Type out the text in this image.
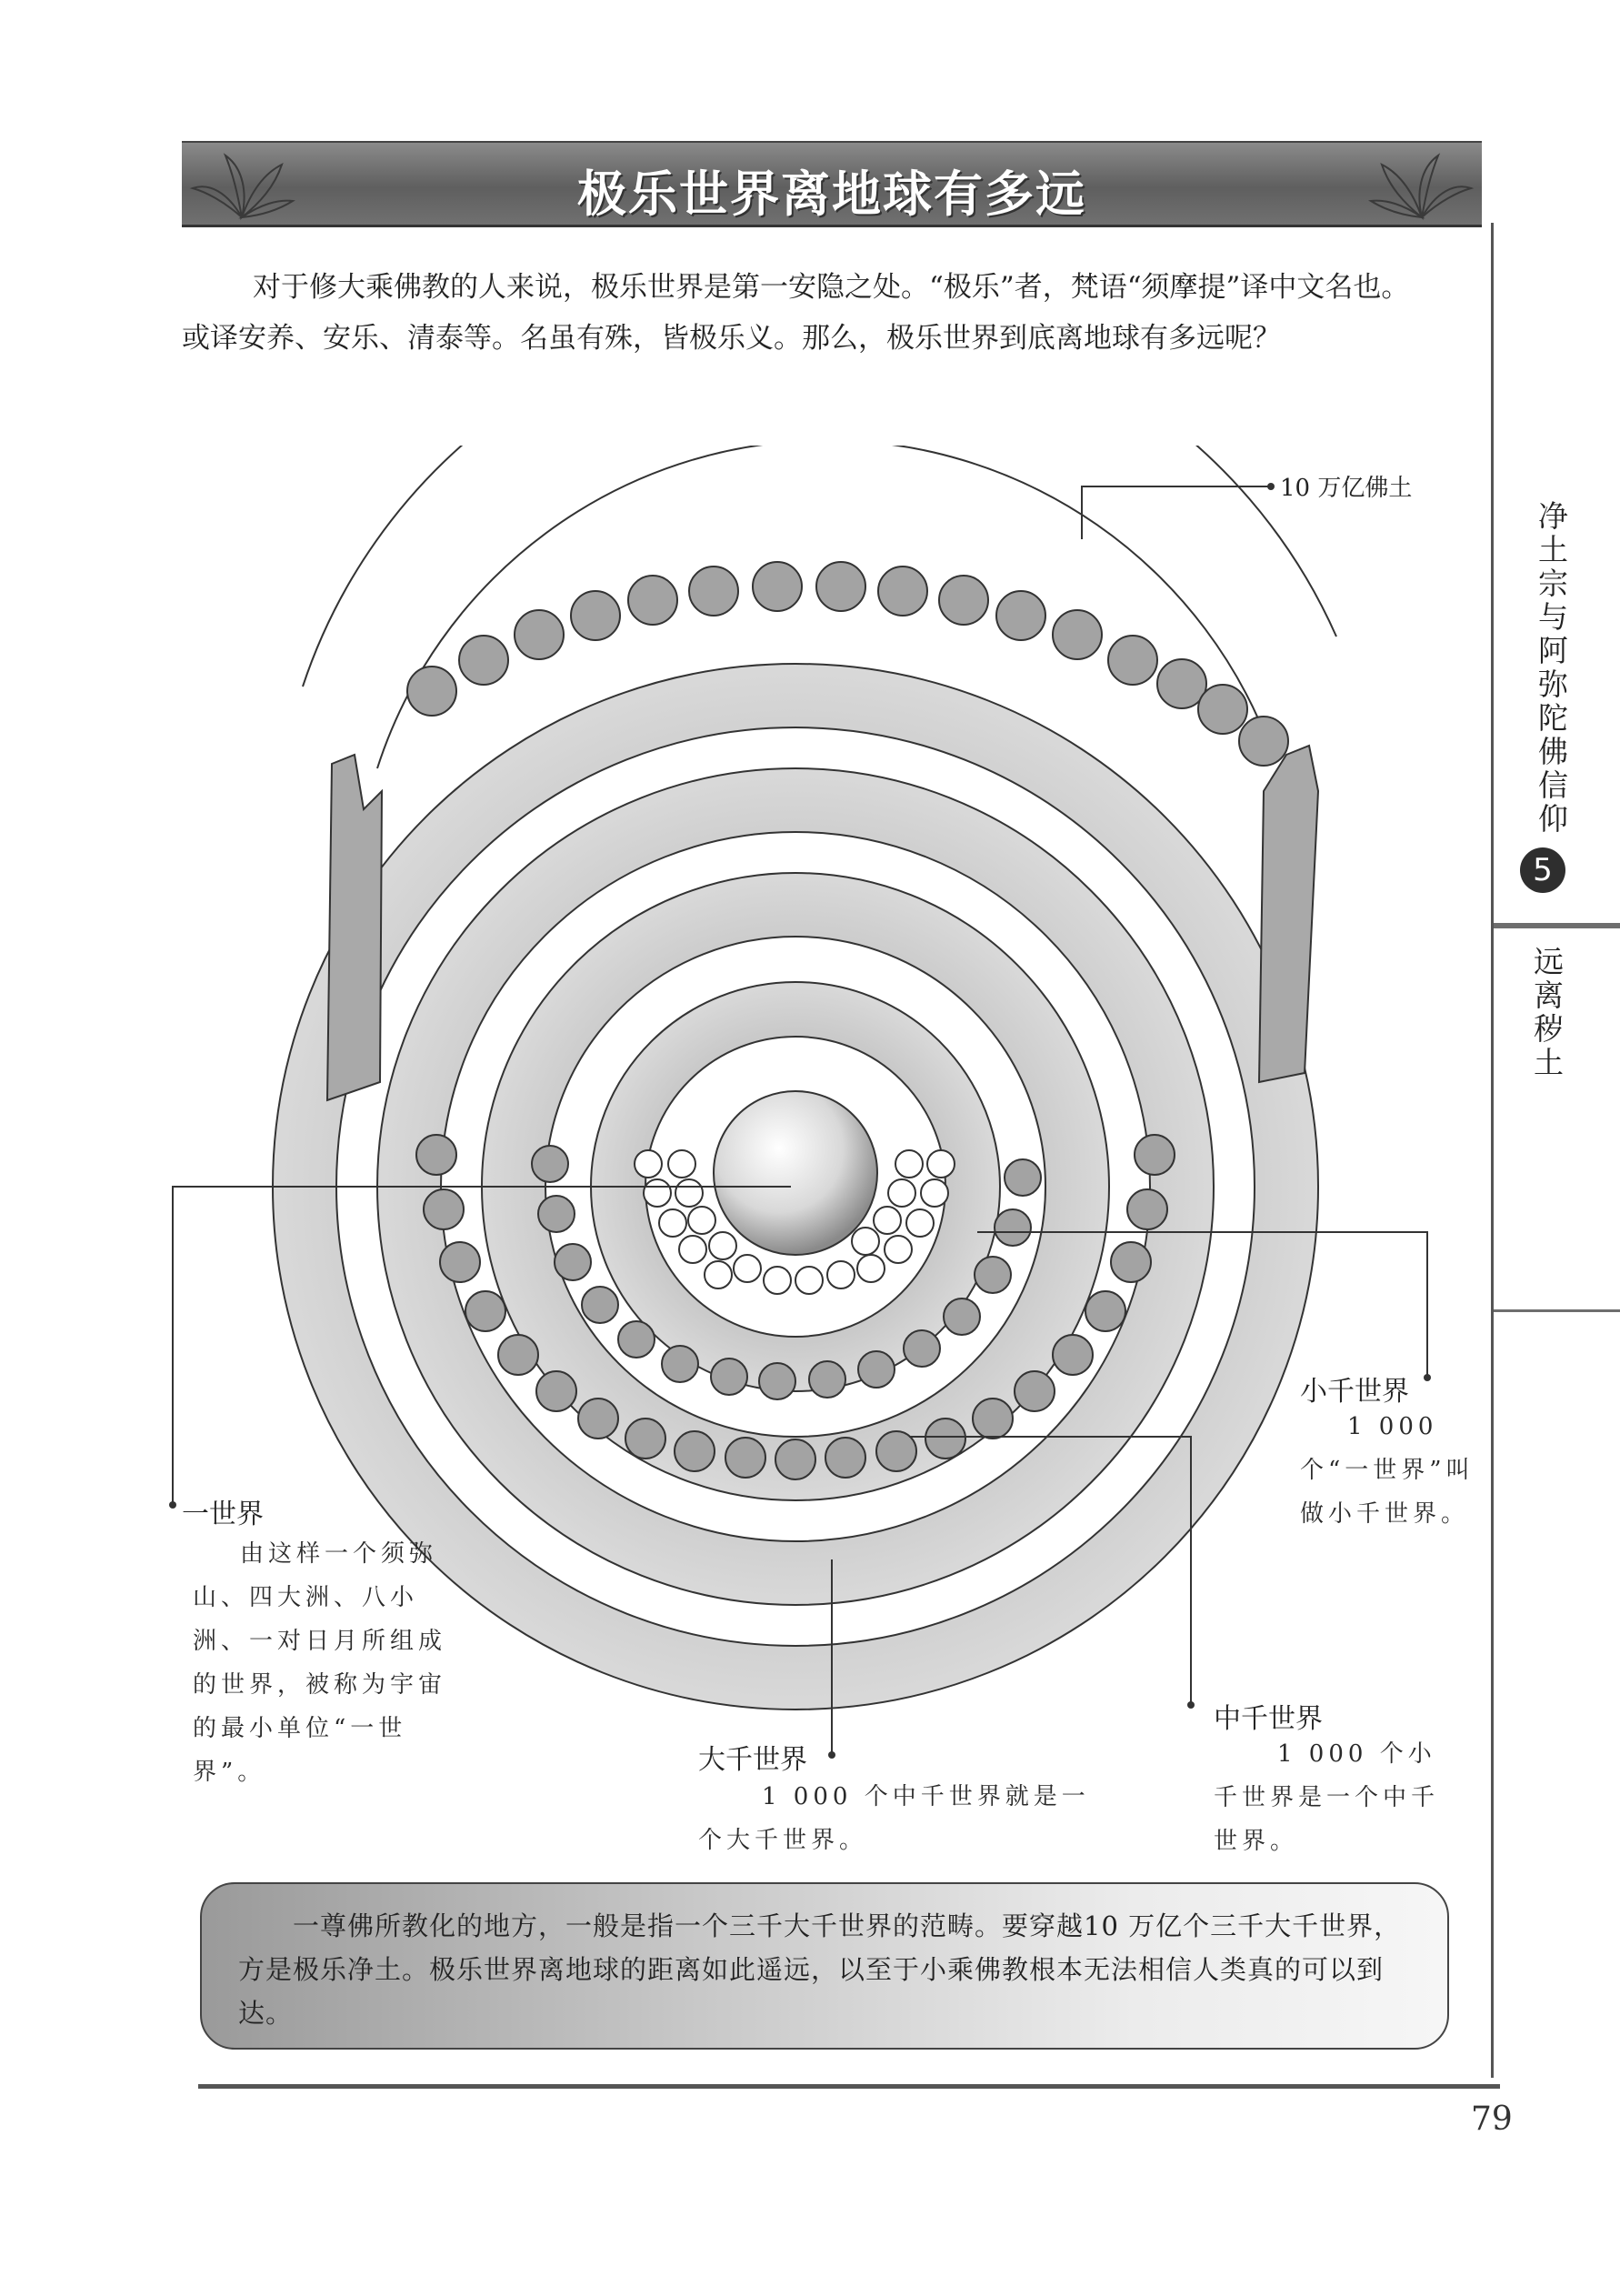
极乐世界离地球有多远
对于修大乘佛教的人来说，极乐世界是第一安隐之处。“极乐”者，梵语“须摩提”译中文名也。或译安养、安乐、清泰等。名虽有殊，皆极乐义。那么，极乐世界到底离地球有多远呢？
净土宗与阿弥陀佛信仰
5
远离秽土
10 万亿佛土
一世界
由这样一个须弥山、四大洲、八小洲、一对日月所组成的世界，被称为宇宙的最小单位“一世界”。
小千世界
1 000 个“一世界”叫做小千世界。
中千世界
1 000 个小千世界是一个中千世界。
大千世界
1 000 个中千世界就是一个大千世界。
一尊佛所教化的地方，一般是指一个三千大千世界的范畴。要穿越10 万亿个三千大千世界，方是极乐净土。极乐世界离地球的距离如此遥远，以至于小乘佛教根本无法相信人类真的可以到达。
79
